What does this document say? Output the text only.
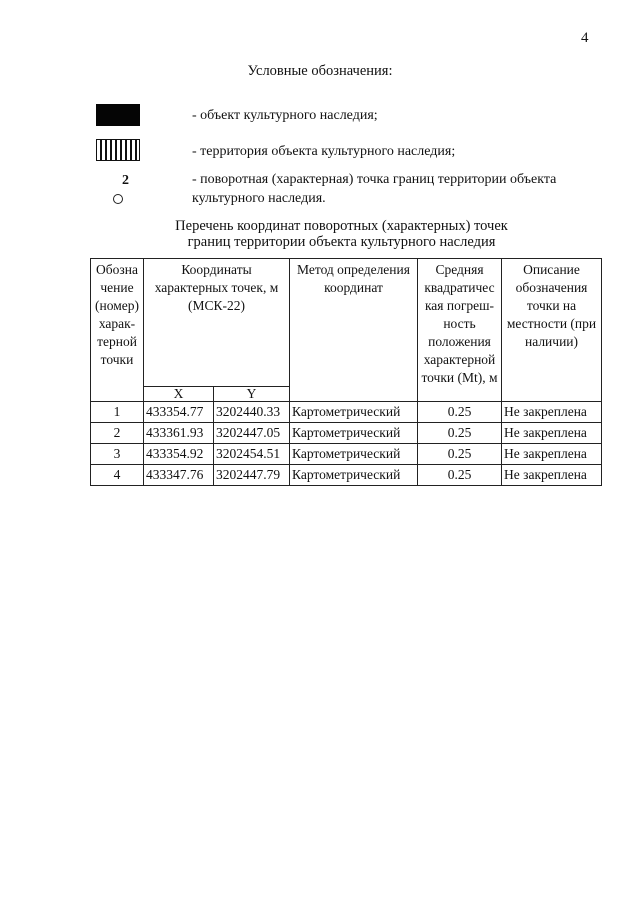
4
Условные обозначения:
- объект культурного наследия;
- территория объекта культурного наследия;
2	- поворотная (характерная) точка границ территории объекта культурного наследия.
Перечень координат поворотных (характерных) точек
границ территории объекта культурного наследия
Обозна чение (номер) харак- терной точки	Координаты характерных точек, м (МСК-22)		Метод определения координат	Средняя квадратичес кая погреш- ность положения характерной точки (Mt), м	Описание обозначения точки на местности (при наличии)
	X	Y			
1	433354.77	3202440.33	Картометрический	0.25	Не закреплена
2	433361.93	3202447.05	Картометрический	0.25	Не закреплена
3	433354.92	3202454.51	Картометрический	0.25	Не закреплена
4	433347.76	3202447.79	Картометрический	0.25	Не закреплена
